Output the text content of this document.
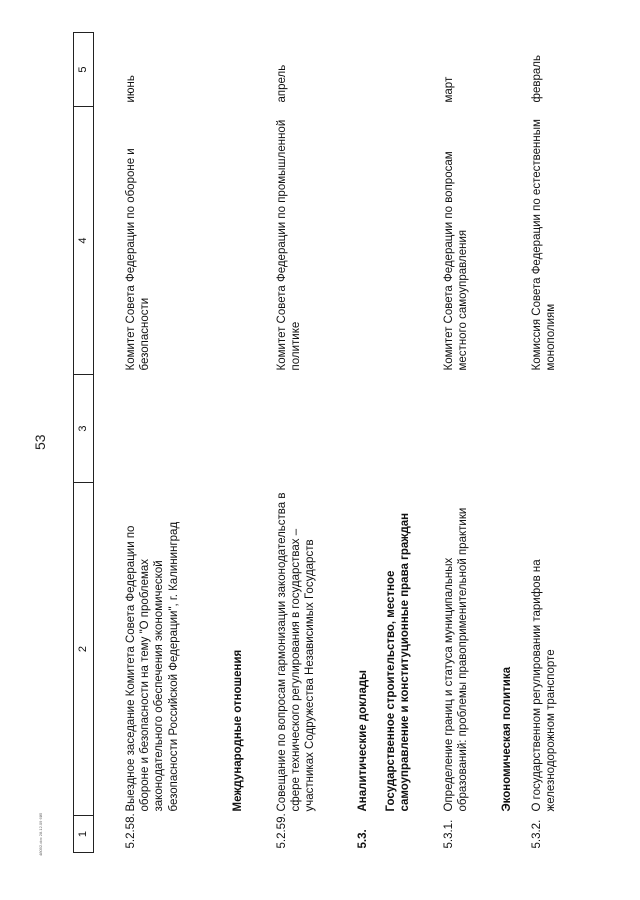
53
4й092.doc 28.12.09 6й5	1	2	3	4	5

5.2.58.	Выездное заседание Комитета Совета Федерации по обороне и безопасности на тему "О проблемах законодательного обеспечения экономической безопасности Российской Федерации", г. Калининград		Комитет Совета Федерации по обороне и безопасности	июнь
	Международные отношения			
5.2.59.	Совещание по вопросам гармонизации законодательства в сфере технического регулирования в государствах – участниках Содружества Независимых Государств		Комитет Совета Федерации по промышленной политике	апрель
5.3.	Аналитические доклады			
	Государственное строительство, местное самоуправление и конституционные права граждан			
5.3.1.	Определение границ и статуса муниципальных образований: проблемы правоприменительной практики		Комитет Совета Федерации по вопросам местного самоуправления	март
	Экономическая политика			
5.3.2.	О государственном регулировании тарифов на железнодорожном транспорте		Комиссия Совета Федерации по естественным монополиям	февраль
